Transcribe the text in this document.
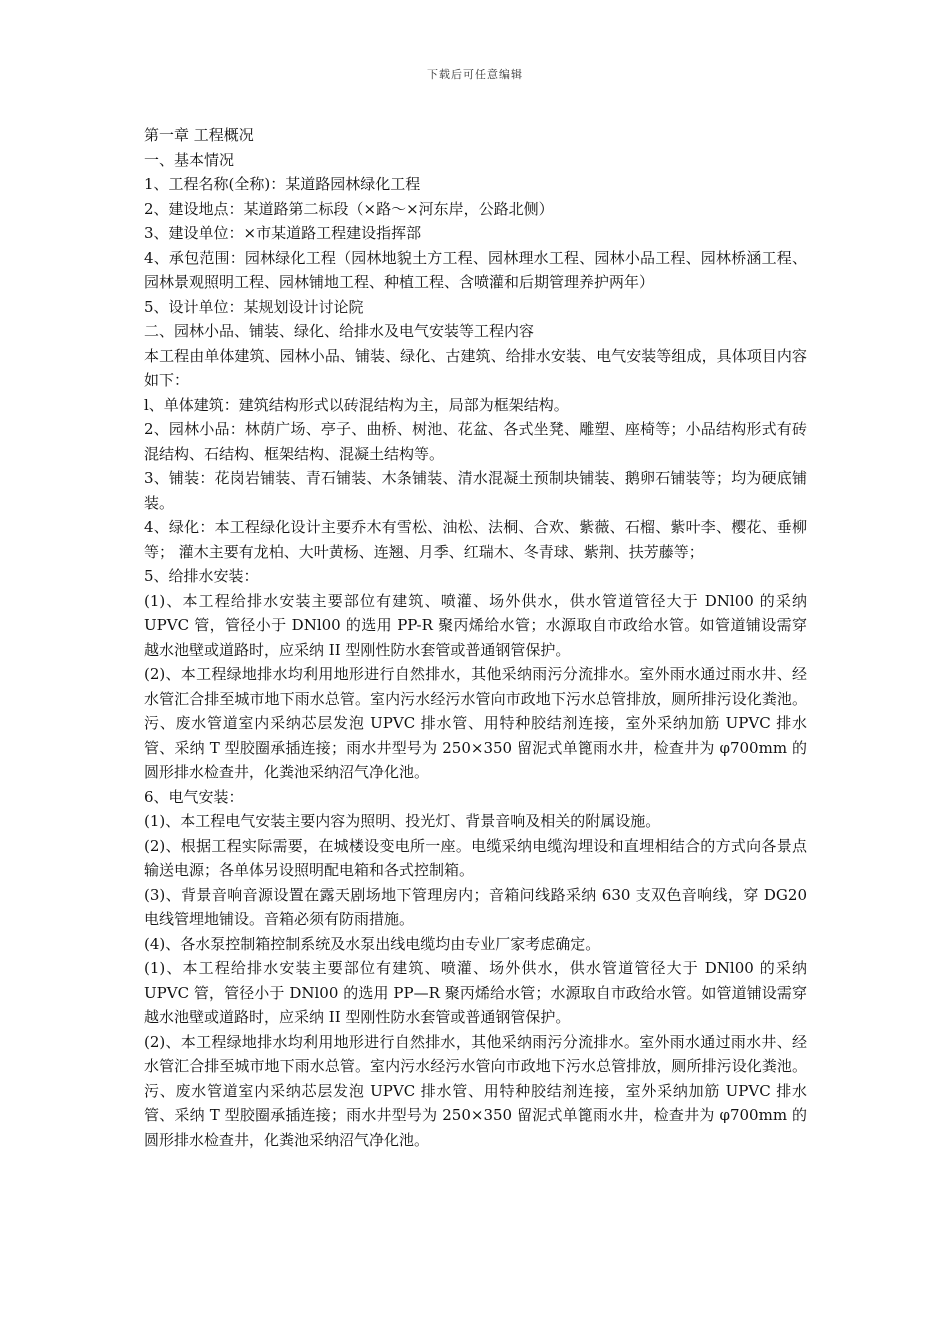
下载后可任意编辑

第一章 工程概况

一、基本情况

1、工程名称(全称)：某道路园林绿化工程

2、建设地点：某道路第二标段（×路～×河东岸，公路北侧）

3、建设单位：×市某道路工程建设指挥部

4、承包范围：园林绿化工程（园林地貌土方工程、园林理水工程、园林小品工程、园林桥涵工程、园林景观照明工程、园林铺地工程、种植工程、含喷灌和后期管理养护两年）

5、设计单位：某规划设计讨论院

二、园林小品、铺装、绿化、给排水及电气安装等工程内容

本工程由单体建筑、园林小品、铺装、绿化、古建筑、给排水安装、电气安装等组成，具体项目内容如下：

l、单体建筑：建筑结构形式以砖混结构为主，局部为框架结构。

2、园林小品：林荫广场、亭子、曲桥、树池、花盆、各式坐凳、雕塑、座椅等；小品结构形式有砖混结构、石结构、框架结构、混凝土结构等。

3、铺装：花岗岩铺装、青石铺装、木条铺装、清水混凝土预制块铺装、鹅卵石铺装等；均为硬底铺装。

4、绿化：本工程绿化设计主要乔木有雪松、油松、法桐、合欢、紫薇、石榴、紫叶李、樱花、垂柳等； 灌木主要有龙柏、大叶黄杨、连翘、月季、红瑞木、冬青球、紫荆、扶芳藤等；

5、给排水安装：

(1)、本工程给排水安装主要部位有建筑、喷灌、场外供水，供水管道管径大于 DNl00 的采纳 UPVC 管，管径小于 DNl00 的选用 PP-R 聚丙烯给水管；水源取自市政给水管。如管道铺设需穿越水池壁或道路时，应采纳 II 型刚性防水套管或普通钢管保护。

(2)、本工程绿地排水均利用地形进行自然排水，其他采纳雨污分流排水。室外雨水通过雨水井、经水管汇合排至城市地下雨水总管。室内污水经污水管向市政地下污水总管排放，厕所排污设化粪池。污、废水管道室内采纳芯层发泡 UPVC 排水管、用特种胶结剂连接，室外采纳加筋 UPVC 排水管、采纳 T 型胶圈承插连接；雨水井型号为 250×350 留泥式单篦雨水井，检查井为 φ700mm 的圆形排水检查井，化粪池采纳沼气净化池。

6、电气安装：

(1)、本工程电气安装主要内容为照明、投光灯、背景音响及相关的附属设施。

(2)、根据工程实际需要，在城楼设变电所一座。电缆采纳电缆沟埋设和直埋相结合的方式向各景点输送电源；各单体另设照明配电箱和各式控制箱。

(3)、背景音响音源设置在露天剧场地下管理房内；音箱问线路采纳 630 支双色音响线，穿 DG20 电线管埋地铺设。音箱必须有防雨措施。

(4)、各水泵控制箱控制系统及水泵出线电缆均由专业厂家考虑确定。

(1)、本工程给排水安装主要部位有建筑、喷灌、场外供水，供水管道管径大于 DNl00 的采纳 UPVC 管，管径小于 DNl00 的选用 PP—R 聚丙烯给水管；水源取自市政给水管。如管道铺设需穿越水池壁或道路时，应采纳 II 型刚性防水套管或普通钢管保护。

(2)、本工程绿地排水均利用地形进行自然排水，其他采纳雨污分流排水。室外雨水通过雨水井、经水管汇合排至城市地下雨水总管。室内污水经污水管向市政地下污水总管排放，厕所排污设化粪池。污、废水管道室内采纳芯层发泡 UPVC 排水管、用特种胶结剂连接，室外采纳加筋 UPVC 排水管、采纳 T 型胶圈承插连接；雨水井型号为 250×350 留泥式单篦雨水井，检查井为 φ700mm 的圆形排水检查井，化粪池采纳沼气净化池。
